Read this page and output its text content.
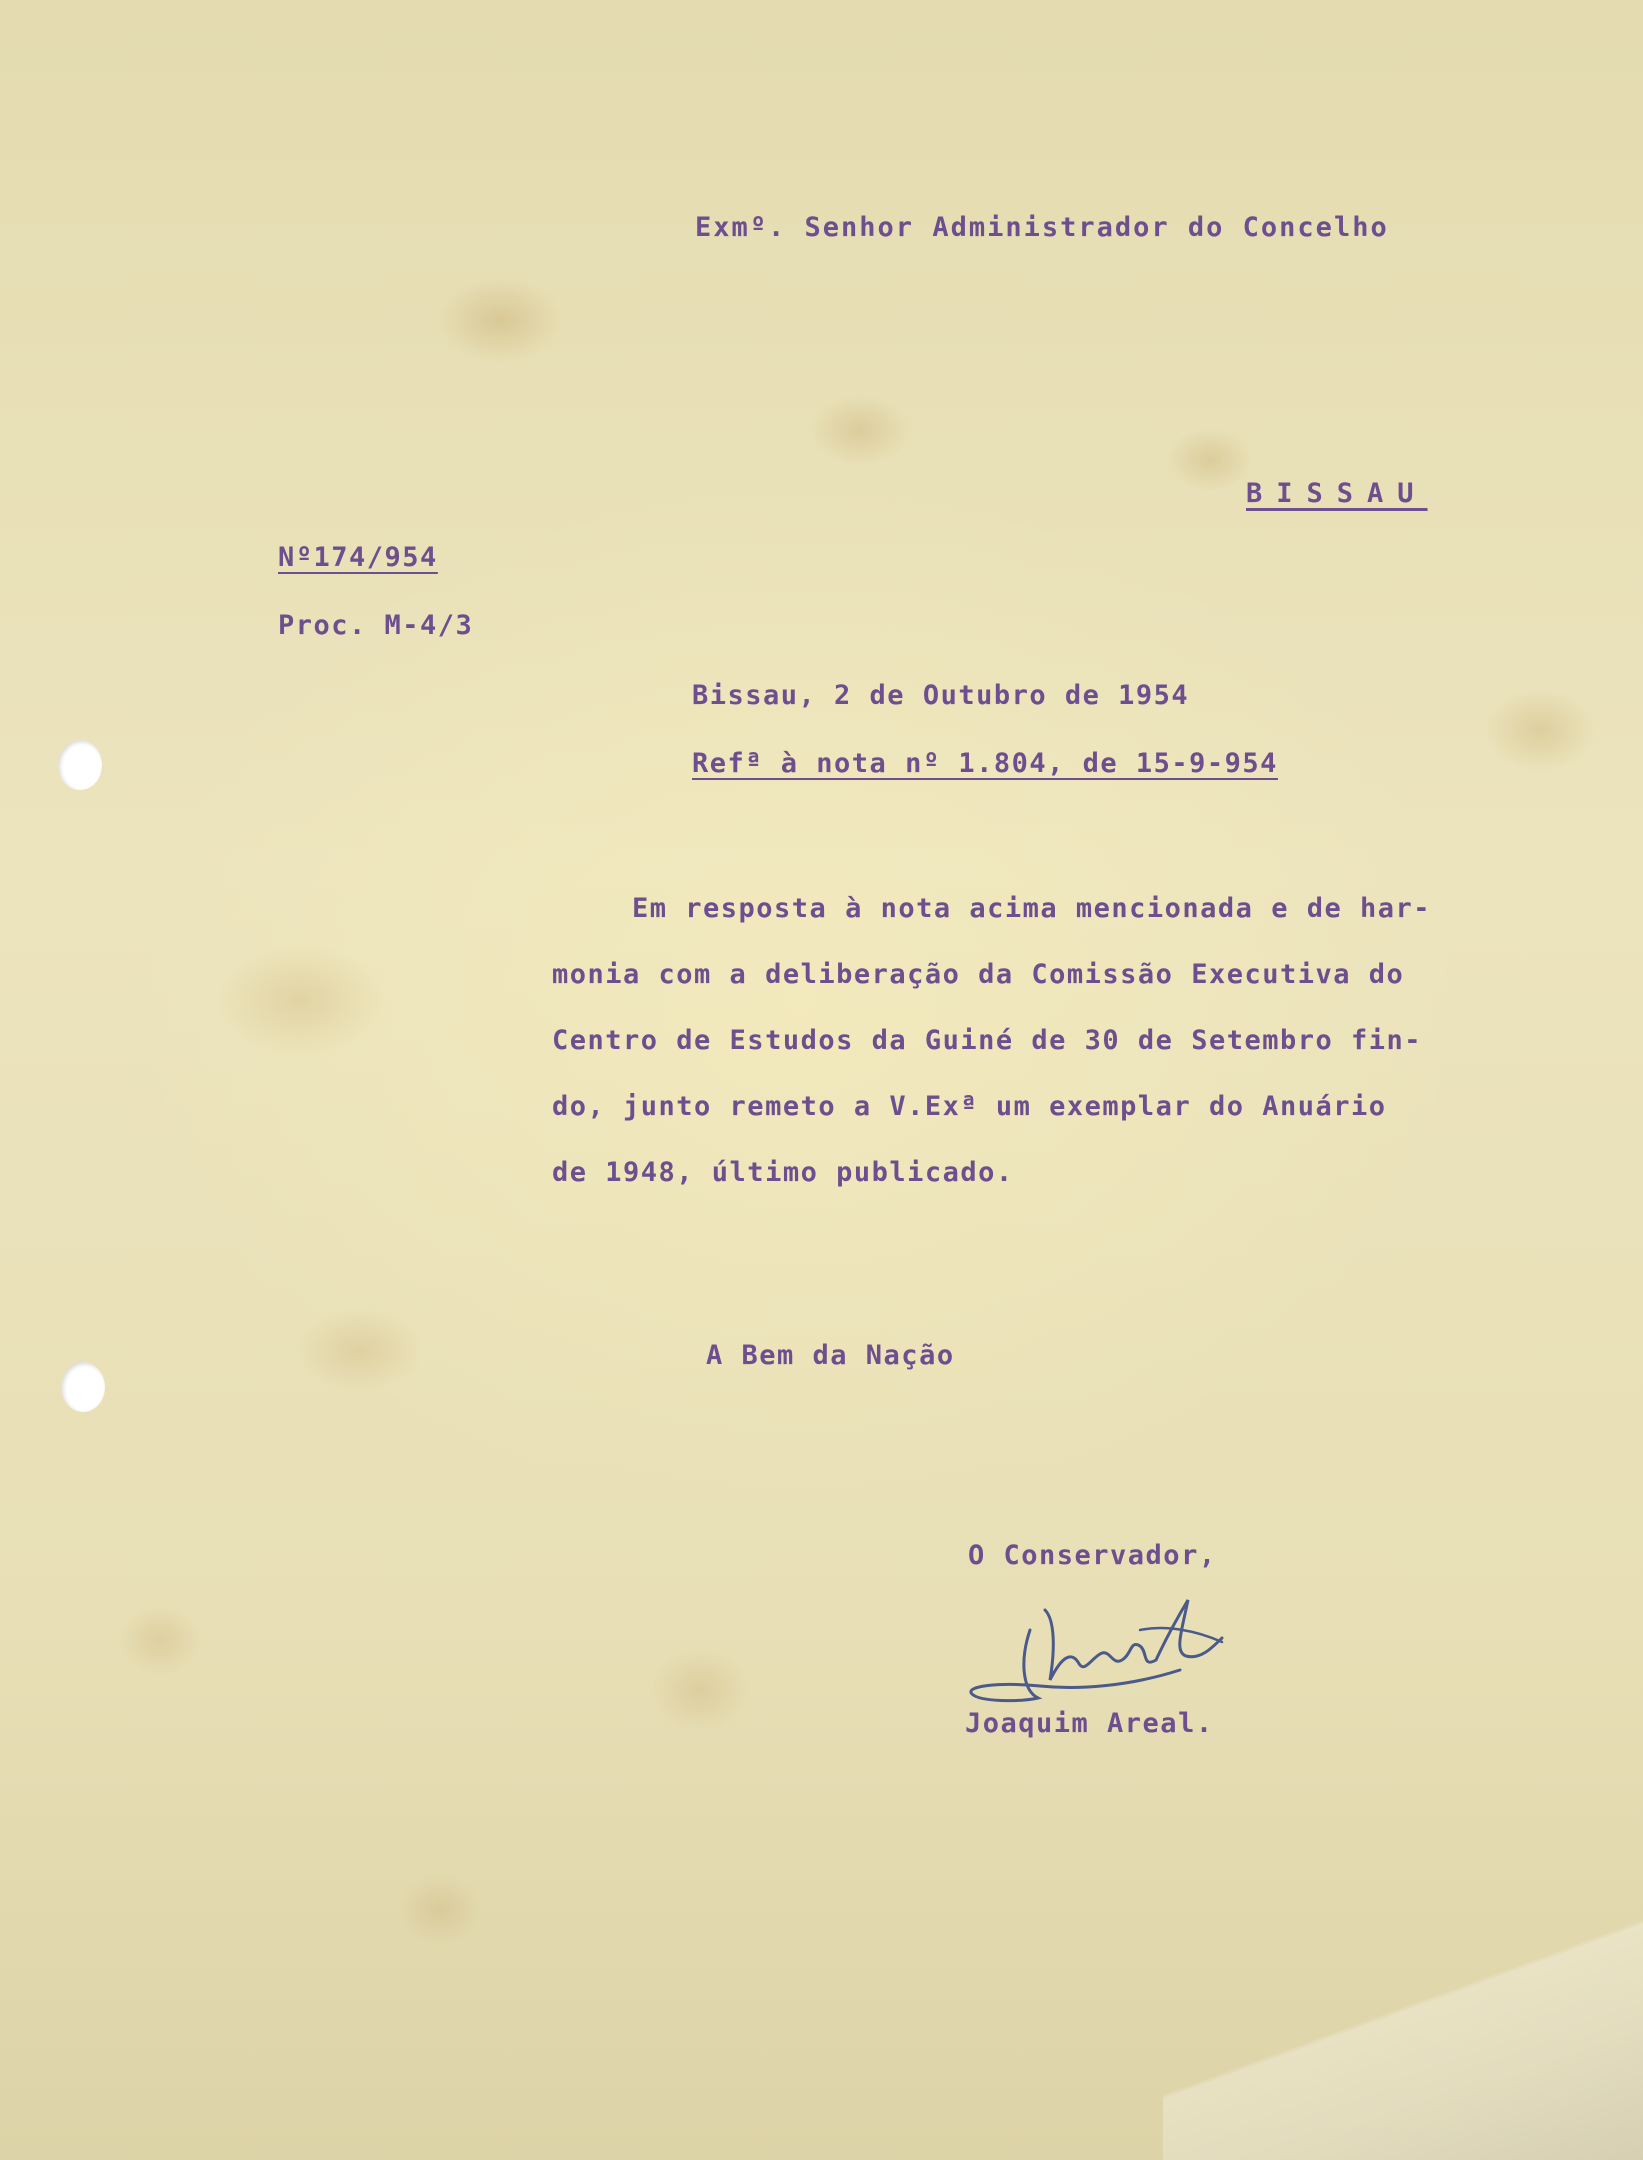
Exmº. Senhor Administrador do Concelho

BISSAU

Nº174/954

Proc. M-4/3

Bissau, 2 de Outubro de 1954

Refª à nota nº 1.804, de 15-9-954

Em resposta à nota acima mencionada e de har-
monia com a deliberação da Comissão Executiva do
Centro de Estudos da Guiné de 30 de Setembro fin-
do, junto remeto a V.Exª um exemplar do Anuário
de 1948, último publicado.

A Bem da Nação

O Conservador,

Joaquim Areal.
